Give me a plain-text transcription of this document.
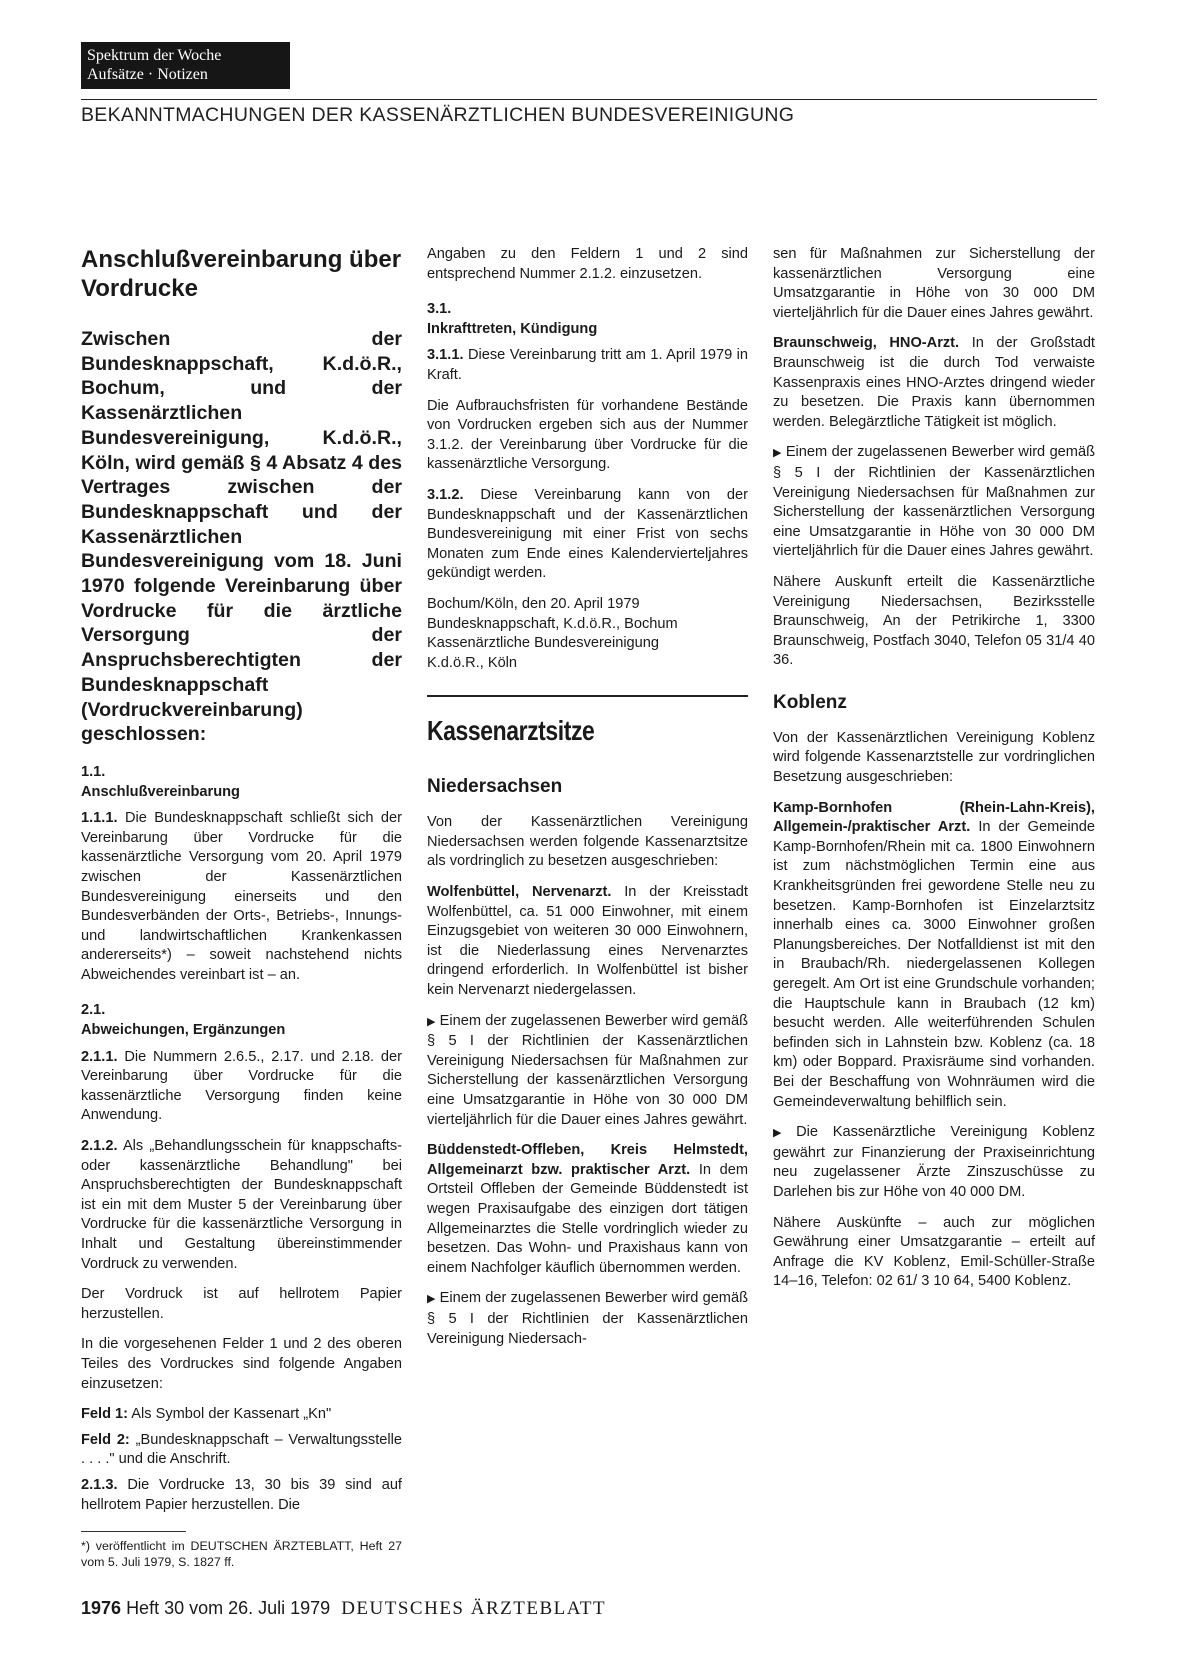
Spektrum der Woche
Aufsätze · Notizen
BEKANNTMACHUNGEN DER KASSENÄRZTLICHEN BUNDESVEREINIGUNG
Anschlußvereinbarung über Vordrucke
Zwischen der Bundesknappschaft, K.d.ö.R., Bochum, und der Kassenärztlichen Bundesvereinigung, K.d.ö.R., Köln, wird gemäß § 4 Absatz 4 des Vertrages zwischen der Bundesknappschaft und der Kassenärztlichen Bundesvereinigung vom 18. Juni 1970 folgende Vereinbarung über Vordrucke für die ärztliche Versorgung der Anspruchsberechtigten der Bundesknappschaft (Vordruckvereinbarung) geschlossen:
1.1.
Anschlußvereinbarung

1.1.1. Die Bundesknappschaft schließt sich der Vereinbarung über Vordrucke für die kassenärztliche Versorgung vom 20. April 1979 zwischen der Kassenärztlichen Bundesvereinigung einerseits und den Bundesverbänden der Orts-, Betriebs-, Innungs- und landwirtschaftlichen Krankenkassen andererseits*) – soweit nachstehend nichts Abweichendes vereinbart ist – an.

2.1.
Abweichungen, Ergänzungen

2.1.1. Die Nummern 2.6.5., 2.17. und 2.18. der Vereinbarung über Vordrucke für die kassenärztliche Versorgung finden keine Anwendung.

2.1.2. Als „Behandlungsschein für knappschafts- oder kassenärztliche Behandlung" bei Anspruchsberechtigten der Bundesknappschaft ist ein mit dem Muster 5 der Vereinbarung über Vordrucke für die kassenärztliche Versorgung in Inhalt und Gestaltung übereinstimmender Vordruck zu verwenden.

Der Vordruck ist auf hellrotem Papier herzustellen.

In die vorgesehenen Felder 1 und 2 des oberen Teiles des Vordruckes sind folgende Angaben einzusetzen:

Feld 1: Als Symbol der Kassenart „Kn"

Feld 2: „Bundesknappschaft – Verwaltungsstelle . . . ." und die Anschrift.

2.1.3. Die Vordrucke 13, 30 bis 39 sind auf hellrotem Papier herzustellen. Die

*) veröffentlicht im DEUTSCHEN ÄRZTEBLATT, Heft 27 vom 5. Juli 1979, S. 1827 ff.

Angaben zu den Feldern 1 und 2 sind entsprechend Nummer 2.1.2. einzusetzen.

3.1.
Inkrafttreten, Kündigung

3.1.1. Diese Vereinbarung tritt am 1. April 1979 in Kraft.

Die Aufbrauchsfristen für vorhandene Bestände von Vordrucken ergeben sich aus der Nummer 3.1.2. der Vereinbarung über Vordrucke für die kassenärztliche Versorgung.

3.1.2. Diese Vereinbarung kann von der Bundesknappschaft und der Kassenärztlichen Bundesvereinigung mit einer Frist von sechs Monaten zum Ende eines Kalendervierteljahres gekündigt werden.

Bochum/Köln, den 20. April 1979
Bundesknappschaft, K.d.ö.R., Bochum
Kassenärztliche Bundesvereinigung
K.d.ö.R., Köln
Kassenarztsitze
Niedersachsen

Von der Kassenärztlichen Vereinigung Niedersachsen werden folgende Kassenarztsitze als vordringlich zu besetzen ausgeschrieben:

Wolfenbüttel, Nervenarzt. In der Kreisstadt Wolfenbüttel, ca. 51 000 Einwohner, mit einem Einzugsgebiet von weiteren 30 000 Einwohnern, ist die Niederlassung eines Nervenarztes dringend erforderlich. In Wolfenbüttel ist bisher kein Nervenarzt niedergelassen.

▶ Einem der zugelassenen Bewerber wird gemäß § 5 I der Richtlinien der Kassenärztlichen Vereinigung Niedersachsen für Maßnahmen zur Sicherstellung der kassenärztlichen Versorgung eine Umsatzgarantie in Höhe von 30 000 DM vierteljährlich für die Dauer eines Jahres gewährt.

Büddenstedt-Offleben, Kreis Helmstedt, Allgemeinarzt bzw. praktischer Arzt. In dem Ortsteil Offleben der Gemeinde Büddenstedt ist wegen Praxisaufgabe des einzigen dort tätigen Allgemeinarztes die Stelle vordringlich wieder zu besetzen. Das Wohn- und Praxishaus kann von einem Nachfolger käuflich übernommen werden.

▶ Einem der zugelassenen Bewerber wird gemäß § 5 I der Richtlinien der Kassenärztlichen Vereinigung Niedersach-

sen für Maßnahmen zur Sicherstellung der kassenärztlichen Versorgung eine Umsatzgarantie in Höhe von 30 000 DM vierteljährlich für die Dauer eines Jahres gewährt.

Braunschweig, HNO-Arzt. In der Großstadt Braunschweig ist die durch Tod verwaiste Kassenpraxis eines HNO-Arztes dringend wieder zu besetzen. Die Praxis kann übernommen werden. Belegärztliche Tätigkeit ist möglich.

▶ Einem der zugelassenen Bewerber wird gemäß § 5 I der Richtlinien der Kassenärztlichen Vereinigung Niedersachsen für Maßnahmen zur Sicherstellung der kassenärztlichen Versorgung eine Umsatzgarantie in Höhe von 30 000 DM vierteljährlich für die Dauer eines Jahres gewährt.

Nähere Auskunft erteilt die Kassenärztliche Vereinigung Niedersachsen, Bezirksstelle Braunschweig, An der Petrikirche 1, 3300 Braunschweig, Postfach 3040, Telefon 05 31/4 40 36.

Koblenz

Von der Kassenärztlichen Vereinigung Koblenz wird folgende Kassenarztstelle zur vordringlichen Besetzung ausgeschrieben:

Kamp-Bornhofen (Rhein-Lahn-Kreis), Allgemein-/praktischer Arzt. In der Gemeinde Kamp-Bornhofen/Rhein mit ca. 1800 Einwohnern ist zum nächstmöglichen Termin eine aus Krankheitsgründen frei gewordene Stelle neu zu besetzen. Kamp-Bornhofen ist Einzelarztsitz innerhalb eines ca. 3000 Einwohner großen Planungsbereiches. Der Notfalldienst ist mit den in Braubach/Rh. niedergelassenen Kollegen geregelt. Am Ort ist eine Grundschule vorhanden; die Hauptschule kann in Braubach (12 km) besucht werden. Alle weiterführenden Schulen befinden sich in Lahnstein bzw. Koblenz (ca. 18 km) oder Boppard. Praxisräume sind vorhanden. Bei der Beschaffung von Wohnräumen wird die Gemeindeverwaltung behilflich sein.

▶ Die Kassenärztliche Vereinigung Koblenz gewährt zur Finanzierung der Praxiseinrichtung neu zugelassener Ärzte Zinszuschüsse zu Darlehen bis zur Höhe von 40 000 DM.

Nähere Auskünfte – auch zur möglichen Gewährung einer Umsatzgarantie – erteilt auf Anfrage die KV Koblenz, Emil-Schüller-Straße 14–16, Telefon: 02 61/ 3 10 64, 5400 Koblenz.

1976 Heft 30 vom 26. Juli 1979 DEUTSCHES ÄRZTEBLATT
